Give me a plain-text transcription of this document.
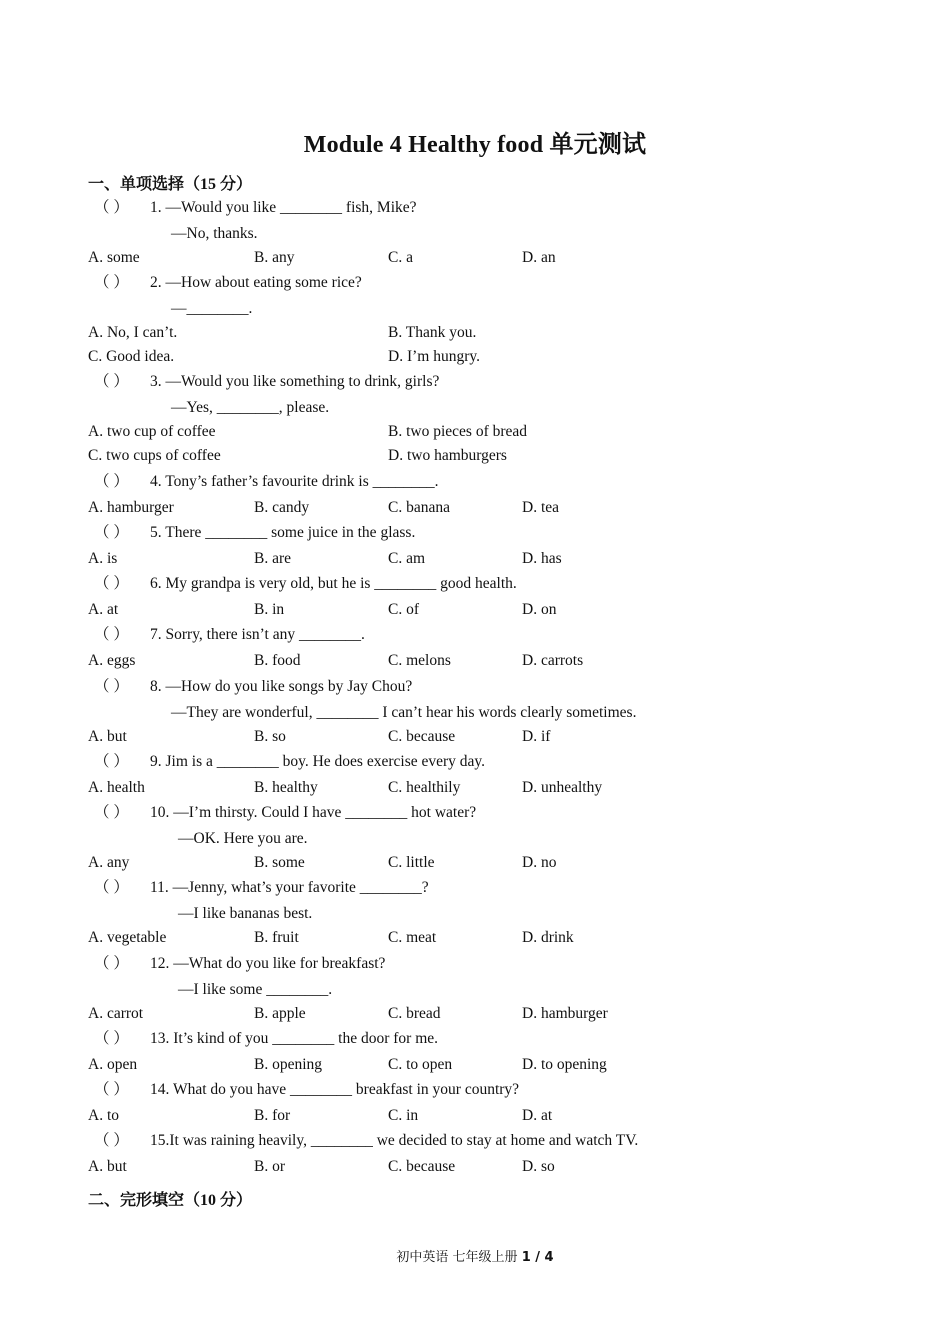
Module 4 Healthy food 单元测试
一、单项选择（15 分）
（ ） 1. —Would you like ________ fish, Mike?
—No, thanks.
A. some	B. any	C. a	D. an
（ ） 2. —How about eating some rice?
—________.
A. No, I can’t.	B. Thank you.
C. Good idea.	D. I’m hungry.
（ ） 3. —Would you like something to drink, girls?
—Yes, ________, please.
A. two cup of coffee	B. two pieces of bread
C. two cups of coffee	D. two hamburgers
（ ） 4. Tony’s father’s favourite drink is ________.
A. hamburger	B. candy	C. banana	D. tea
（ ） 5. There ________ some juice in the glass.
A. is	B. are	C. am	D. has
（ ） 6. My grandpa is very old, but he is ________ good health.
A. at	B. in	C. of	D. on
（ ） 7. Sorry, there isn’t any ________.
A. eggs	B. food	C. melons	D. carrots
（ ） 8. —How do you like songs by Jay Chou?
—They are wonderful, ________ I can’t hear his words clearly sometimes.
A. but	B. so	C. because	D. if
（ ） 9. Jim is a ________ boy. He does exercise every day.
A. health	B. healthy	C. healthily	D. unhealthy
（ ） 10. —I’m thirsty. Could I have ________ hot water?
—OK. Here you are.
A. any	B. some	C. little	D. no
（ ） 11. —Jenny, what’s your favorite ________?
—I like bananas best.
A. vegetable	B. fruit	C. meat	D. drink
（ ） 12. —What do you like for breakfast?
—I like some ________.
A. carrot	B. apple	C. bread	D. hamburger
（ ） 13. It’s kind of you ________ the door for me.
A. open	B. opening	C. to open	D. to opening
（ ） 14. What do you have ________ breakfast in your country?
A. to	B. for	C. in	D. at
（ ） 15.It was raining heavily, ________ we decided to stay at home and watch TV.
A. but	B. or	C. because	D. so
二、完形填空（10 分）
初中英语 七年级上册 1 / 4
